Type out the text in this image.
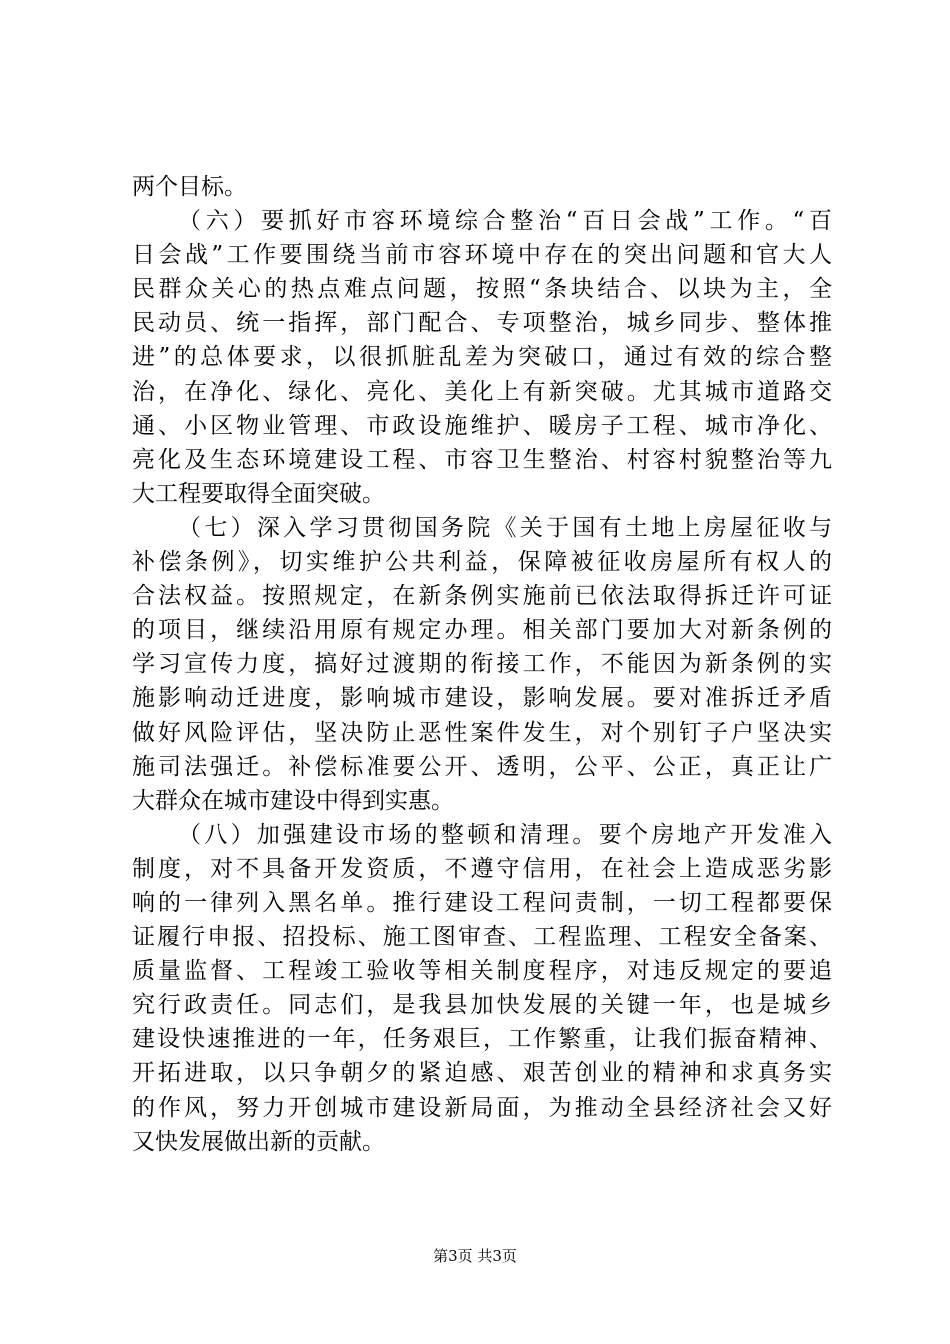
两个目标。
（六）要抓好市容环境综合整治“百日会战”工作。“百
日会战”工作要围绕当前市容环境中存在的突出问题和官大人
民群众关心的热点难点问题，按照“条块结合、以块为主，全
民动员、统一指挥，部门配合、专项整治，城乡同步、整体推
进”的总体要求，以很抓脏乱差为突破口，通过有效的综合整
治，在净化、绿化、亮化、美化上有新突破。尤其城市道路交
通、小区物业管理、市政设施维护、暖房子工程、城市净化、
亮化及生态环境建设工程、市容卫生整治、村容村貌整治等九
大工程要取得全面突破。
（七）深入学习贯彻国务院《关于国有土地上房屋征收与
补偿条例》，切实维护公共利益，保障被征收房屋所有权人的
合法权益。按照规定，在新条例实施前已依法取得拆迁许可证
的项目，继续沿用原有规定办理。相关部门要加大对新条例的
学习宣传力度，搞好过渡期的衔接工作，不能因为新条例的实
施影响动迁进度，影响城市建设，影响发展。要对准拆迁矛盾
做好风险评估，坚决防止恶性案件发生，对个别钉子户坚决实
施司法强迁。补偿标准要公开、透明，公平、公正，真正让广
大群众在城市建设中得到实惠。
（八）加强建设市场的整顿和清理。要个房地产开发准入
制度，对不具备开发资质，不遵守信用，在社会上造成恶劣影
响的一律列入黑名单。推行建设工程问责制，一切工程都要保
证履行申报、招投标、施工图审查、工程监理、工程安全备案、
质量监督、工程竣工验收等相关制度程序，对违反规定的要追
究行政责任。同志们，是我县加快发展的关键一年，也是城乡
建设快速推进的一年，任务艰巨，工作繁重，让我们振奋精神、
开拓进取，以只争朝夕的紧迫感、艰苦创业的精神和求真务实
的作风，努力开创城市建设新局面，为推动全县经济社会又好
又快发展做出新的贡献。
第3页 共3页
